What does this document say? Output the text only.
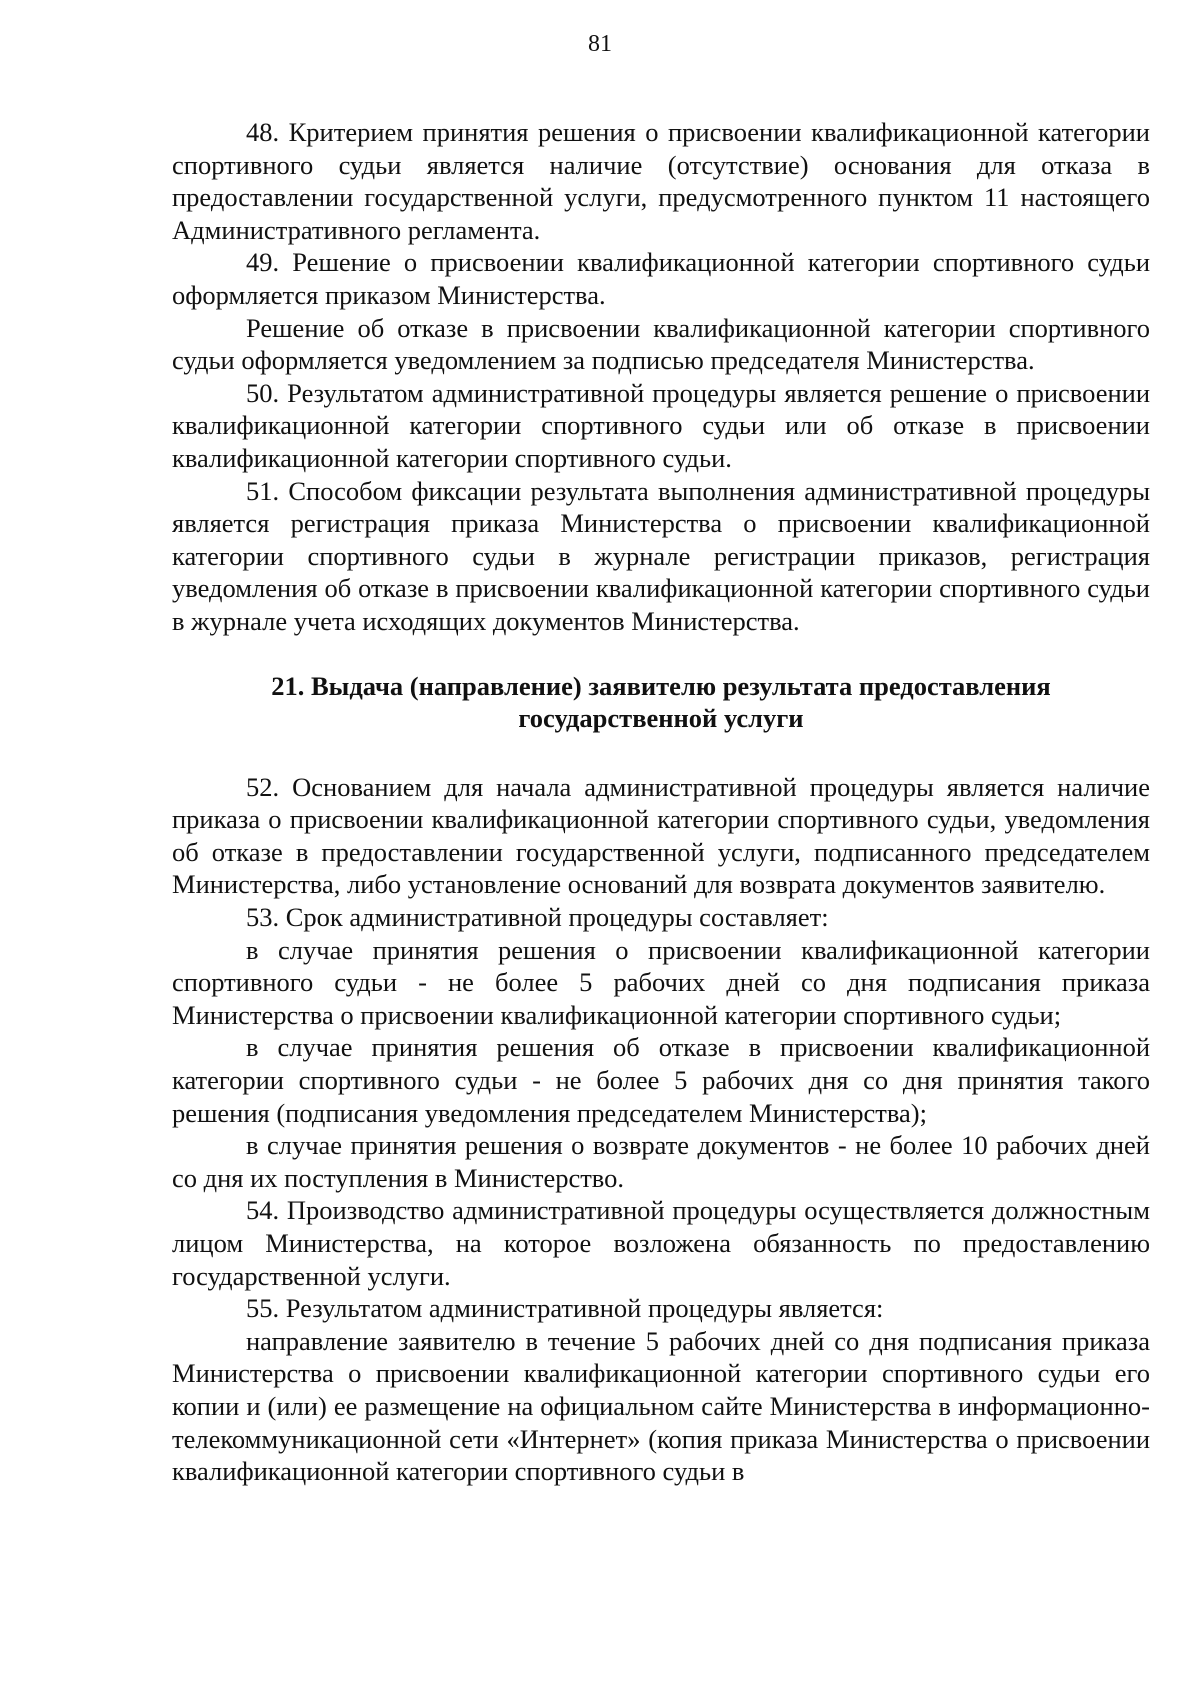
81

48. Критерием принятия решения о присвоении квалификационной категории спортивного судьи является наличие (отсутствие) основания для отказа в предоставлении государственной услуги, предусмотренного пунктом 11 настоящего Административного регламента.

49. Решение о присвоении квалификационной категории спортивного судьи оформляется приказом Министерства.

Решение об отказе в присвоении квалификационной категории спортивного судьи оформляется уведомлением за подписью председателя Министерства.

50. Результатом административной процедуры является решение о присвоении квалификационной категории спортивного судьи или об отказе в присвоении квалификационной категории спортивного судьи.

51. Способом фиксации результата выполнения административной процедуры является регистрация приказа Министерства о присвоении квалификационной категории спортивного судьи в журнале регистрации приказов, регистрация уведомления об отказе в присвоении квалификационной категории спортивного судьи в журнале учета исходящих документов Министерства.

21. Выдача (направление) заявителю результата предоставления
государственной услуги

52. Основанием для начала административной процедуры является наличие приказа о присвоении квалификационной категории спортивного судьи, уведомления об отказе в предоставлении государственной услуги, подписанного председателем Министерства, либо установление оснований для возврата документов заявителю.

53. Срок административной процедуры составляет:

в случае принятия решения о присвоении квалификационной категории спортивного судьи - не более 5 рабочих дней со дня подписания приказа Министерства о присвоении квалификационной категории спортивного судьи;

в случае принятия решения об отказе в присвоении квалификационной категории спортивного судьи - не более 5 рабочих дня со дня принятия такого решения (подписания уведомления председателем Министерства);

в случае принятия решения о возврате документов - не более 10 рабочих дней со дня их поступления в Министерство.

54. Производство административной процедуры осуществляется должностным лицом Министерства, на которое возложена обязанность по предоставлению государственной услуги.

55. Результатом административной процедуры является:

направление заявителю в течение 5 рабочих дней со дня подписания приказа Министерства о присвоении квалификационной категории спортивного судьи его копии и (или) ее размещение на официальном сайте Министерства в информационно-телекоммуникационной сети «Интернет» (копия приказа Министерства о присвоении квалификационной категории спортивного судьи в
